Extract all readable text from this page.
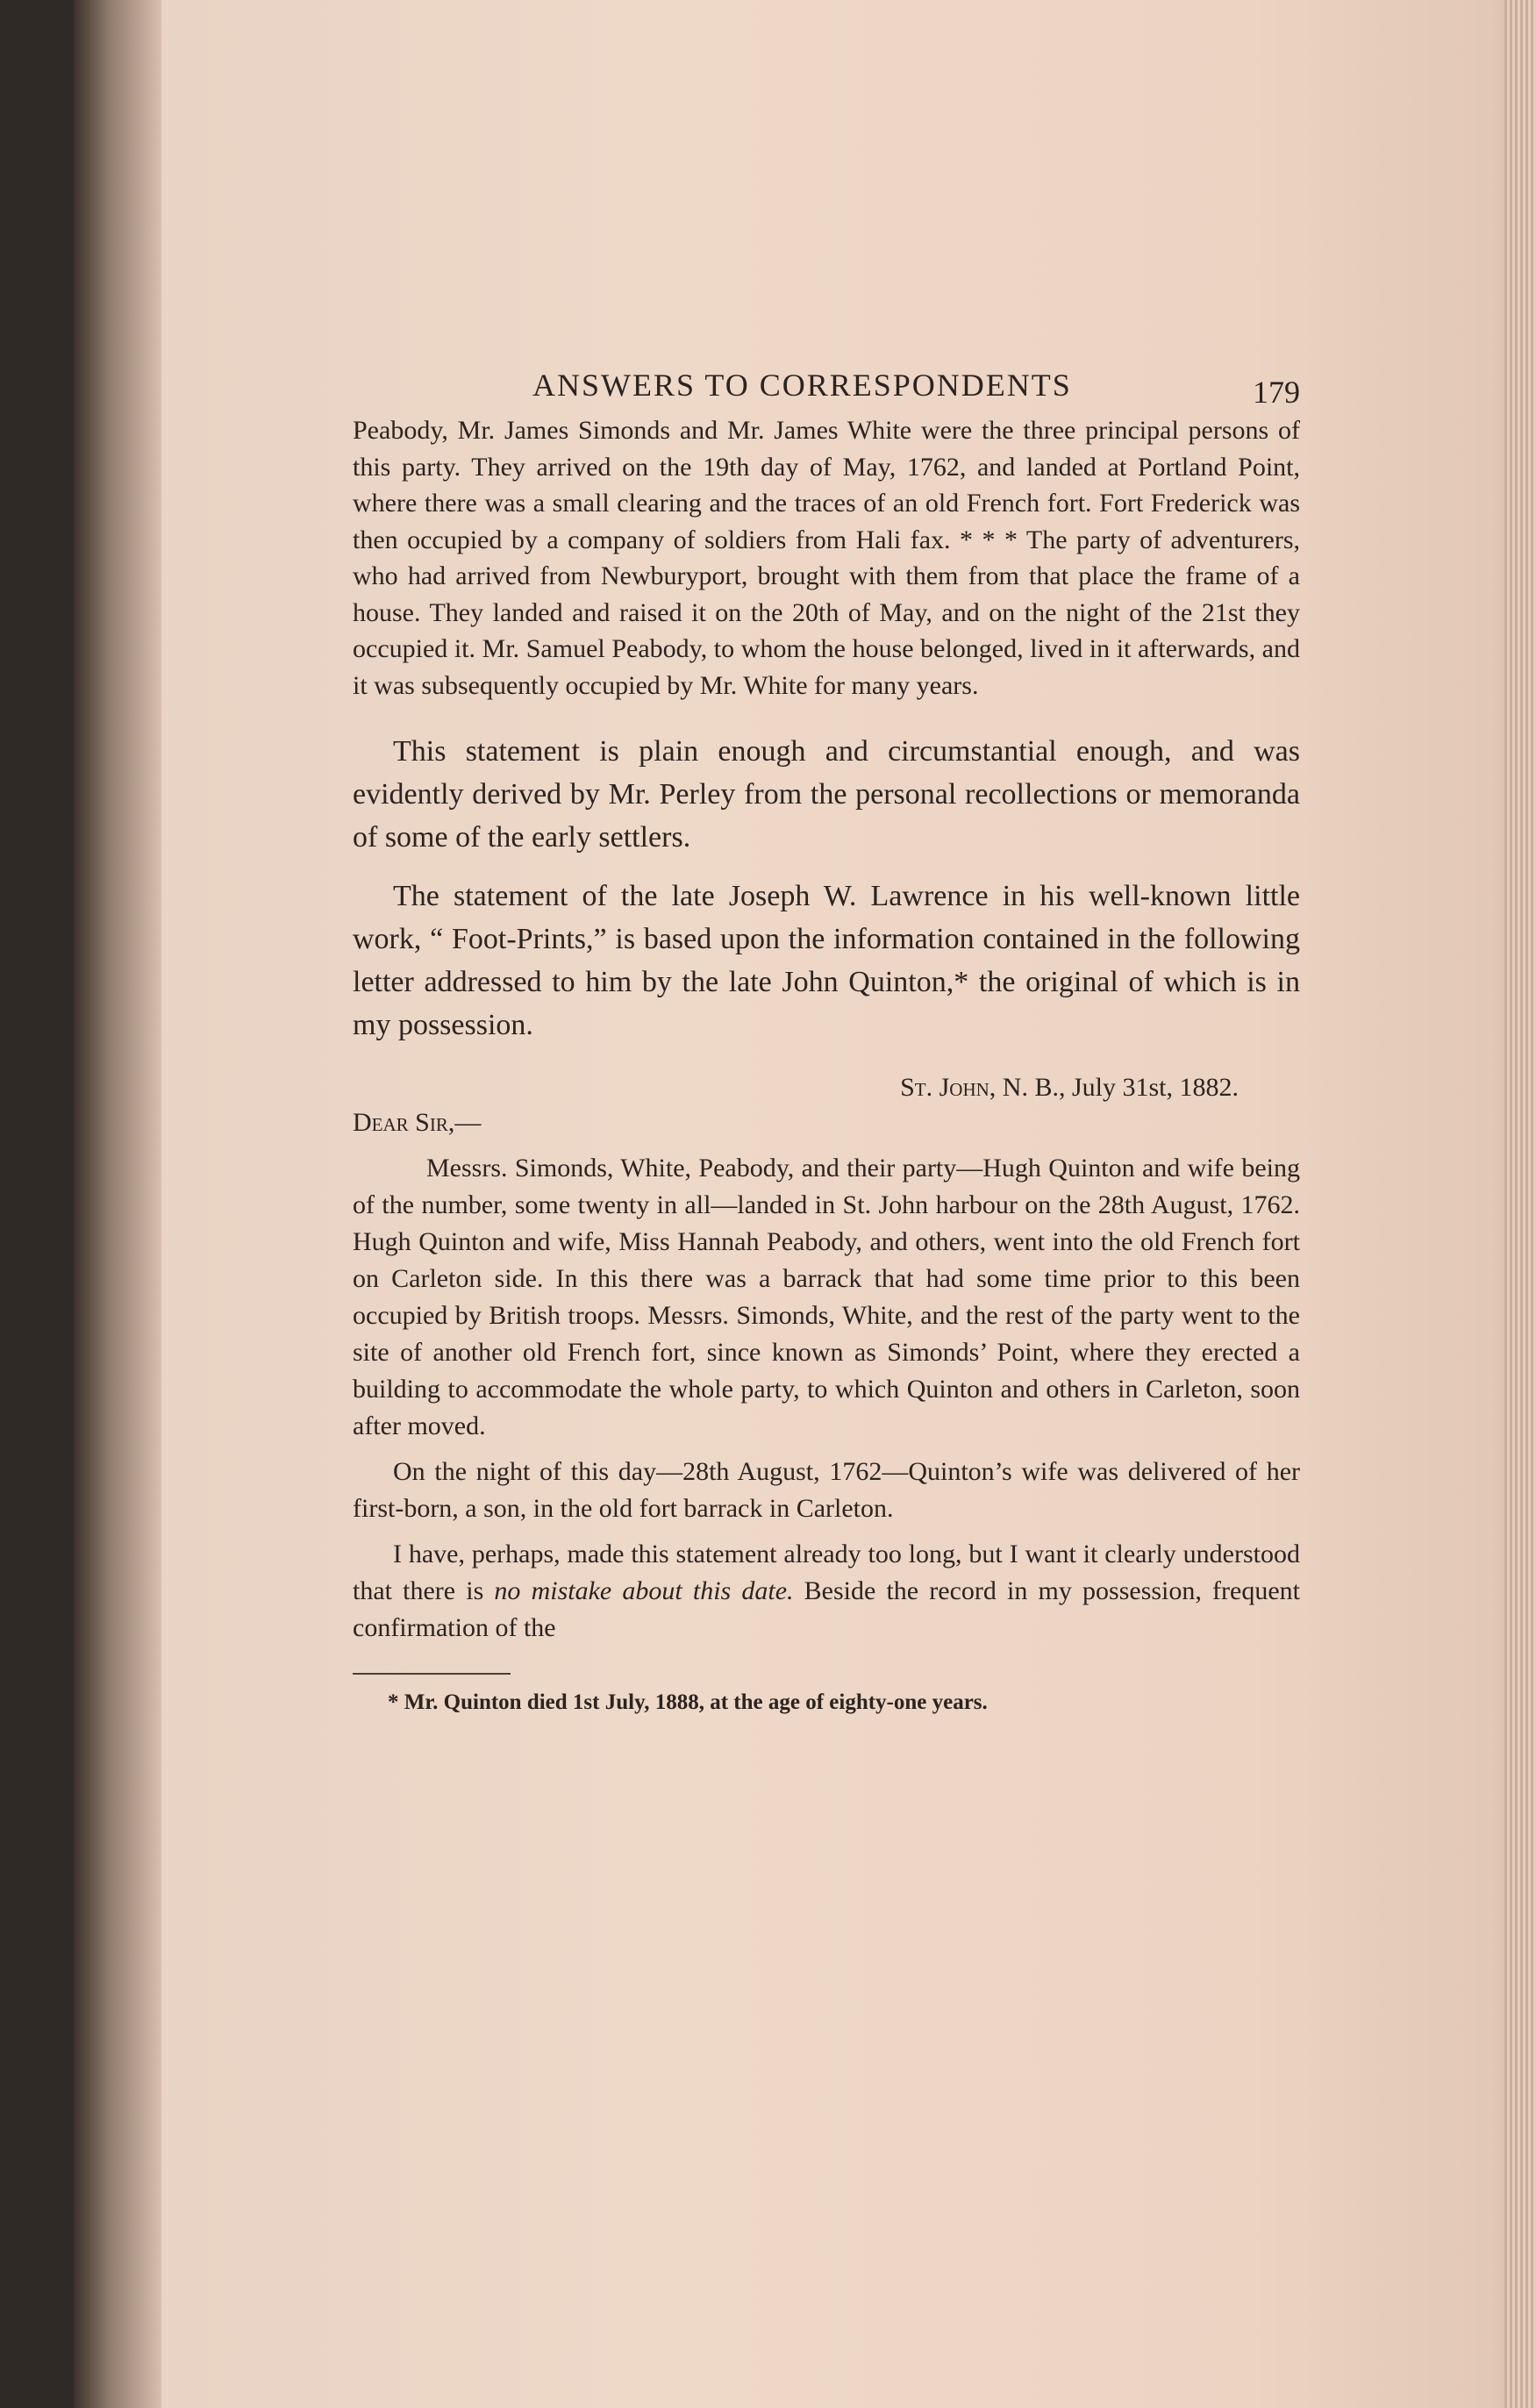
ANSWERS TO CORRESPONDENTS	179

Peabody, Mr. James Simonds and Mr. James White were the three principal persons of this party. They arrived on the 19th day of May, 1762, and landed at Portland Point, where there was a small clearing and the traces of an old French fort. Fort Frederick was then occupied by a company of soldiers from Hali fax. * * * The party of adventurers, who had arrived from Newburyport, brought with them from that place the frame of a house. They landed and raised it on the 20th of May, and on the night of the 21st they occupied it. Mr. Samuel Peabody, to whom the house belonged, lived in it afterwards, and it was subsequently occupied by Mr. White for many years.

This statement is plain enough and circumstantial enough, and was evidently derived by Mr. Perley from the personal recollections or memoranda of some of the early settlers.

The statement of the late Joseph W. Lawrence in his well-known little work, “ Foot-Prints,” is based upon the information contained in the following letter addressed to him by the late John Quinton,* the original of which is in my possession.

St. John, N. B., July 31st, 1882.

Dear Sir,—

Messrs. Simonds, White, Peabody, and their party—Hugh Quinton and wife being of the number, some twenty in all—landed in St. John harbour on the 28th August, 1762. Hugh Quinton and wife, Miss Hannah Peabody, and others, went into the old French fort on Carleton side. In this there was a barrack that had some time prior to this been occupied by British troops. Messrs. Simonds, White, and the rest of the party went to the site of another old French fort, since known as Simonds’ Point, where they erected a building to accommodate the whole party, to which Quinton and others in Carleton, soon after moved.

On the night of this day—28th August, 1762—Quinton’s wife was delivered of her first-born, a son, in the old fort barrack in Carleton.

I have, perhaps, made this statement already too long, but I want it clearly understood that there is no mistake about this date. Beside the record in my possession, frequent confirmation of the

* Mr. Quinton died 1st July, 1888, at the age of eighty-one years.
